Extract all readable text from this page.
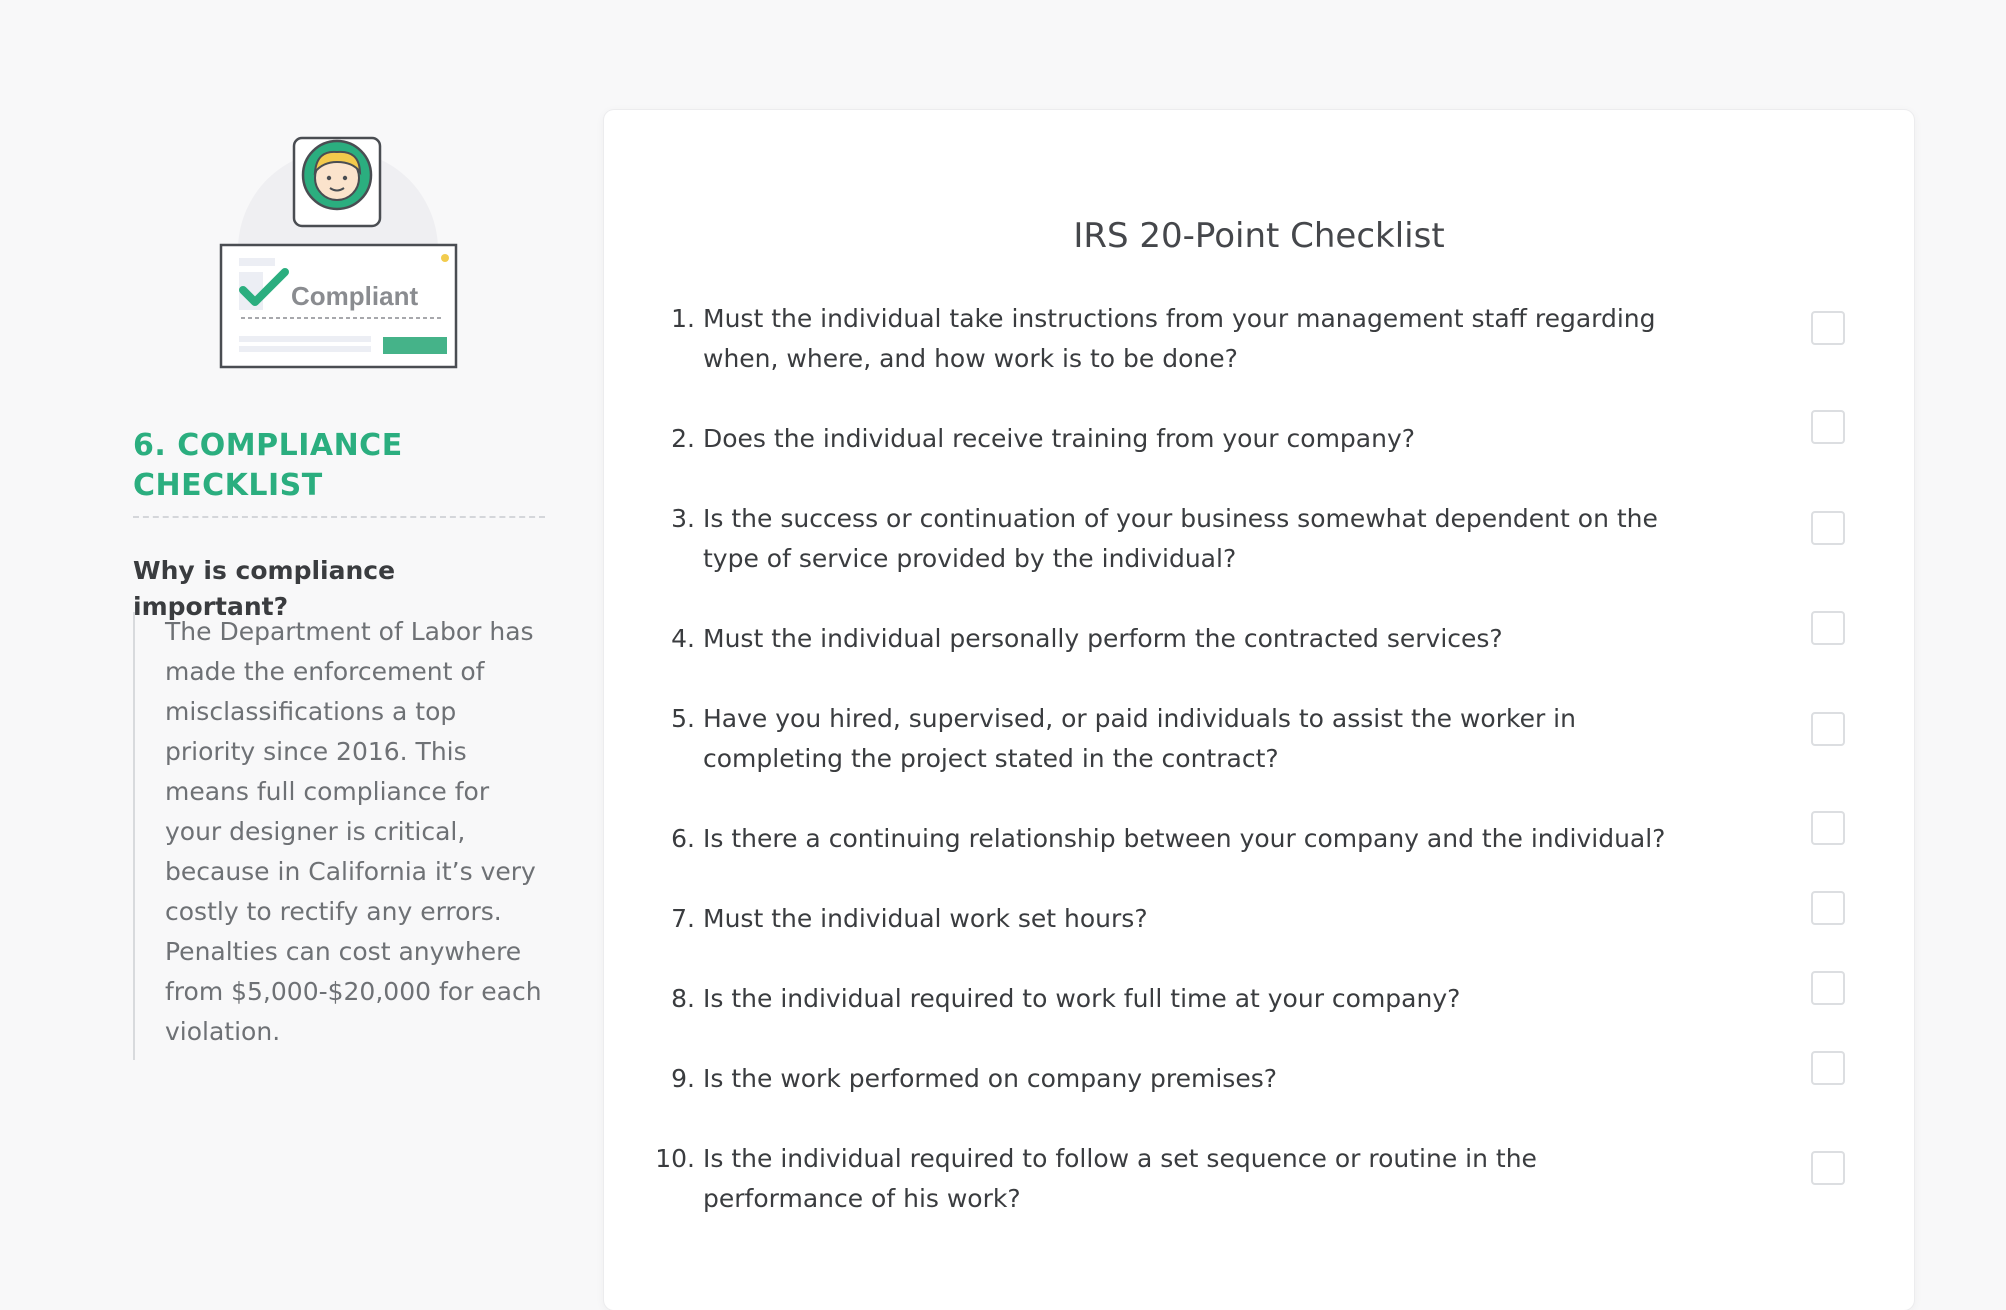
Compliant
6. COMPLIANCE CHECKLIST
Why is compliance important?

The Department of Labor has made the enforcement of misclassifications a top priority since 2016. This means full compliance for your designer is critical, because in California it’s very costly to rectify any errors. Penalties can cost anywhere from $5,000-$20,000 for each violation.

IRS 20-Point Checklist
1. Must the individual take instructions from your management staff regarding when, where, and how work is to be done?
2. Does the individual receive training from your company?
3. Is the success or continuation of your business somewhat dependent on the type of service provided by the individual?
4. Must the individual personally perform the contracted services?
5. Have you hired, supervised, or paid individuals to assist the worker in completing the project stated in the contract?
6. Is there a continuing relationship between your company and the individual?
7. Must the individual work set hours?
8. Is the individual required to work full time at your company?
9. Is the work performed on company premises?
10. Is the individual required to follow a set sequence or routine in the performance of his work?
